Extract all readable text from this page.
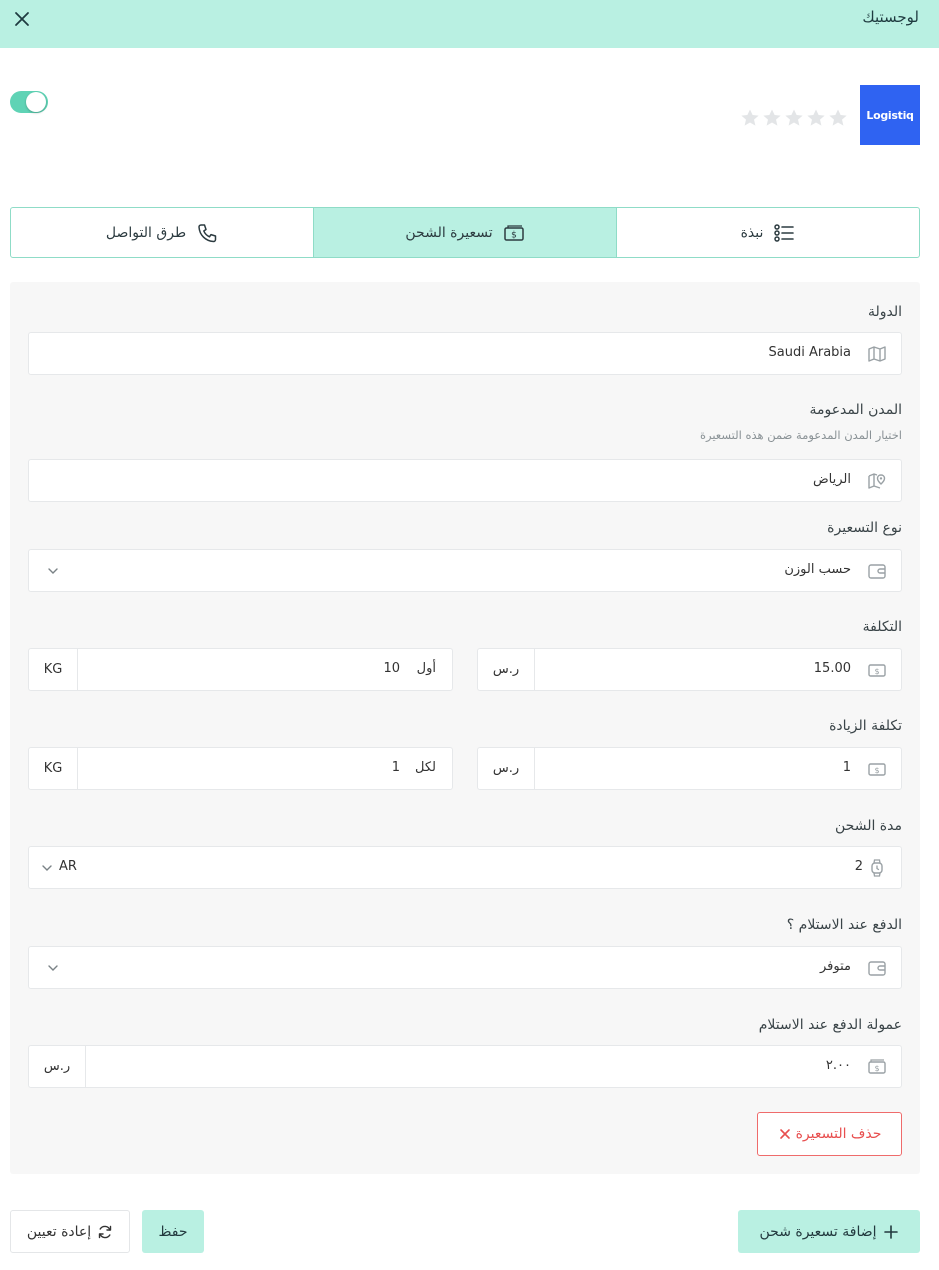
لوجستيك
Logistiq
نبذة
$
تسعيرة الشحن
طرق التواصل
الدولة
Saudi Arabia
المدن المدعومة
اختيار المدن المدعومة ضمن هذه التسعيرة
الرياض
نوع التسعيرة
حسب الوزن
التكلفة
$
15.00
ر.س
أول
10
KG
تكلفة الزيادة
$
1
ر.س
لكل
1
KG
مدة الشحن
2
AR
الدفع عند الاستلام ؟
متوفر
عمولة الدفع عند الاستلام
$
٢.٠٠
ر.س
حذف التسعيرة
إضافة تسعيرة شحن
حفظ
إعادة تعيين
